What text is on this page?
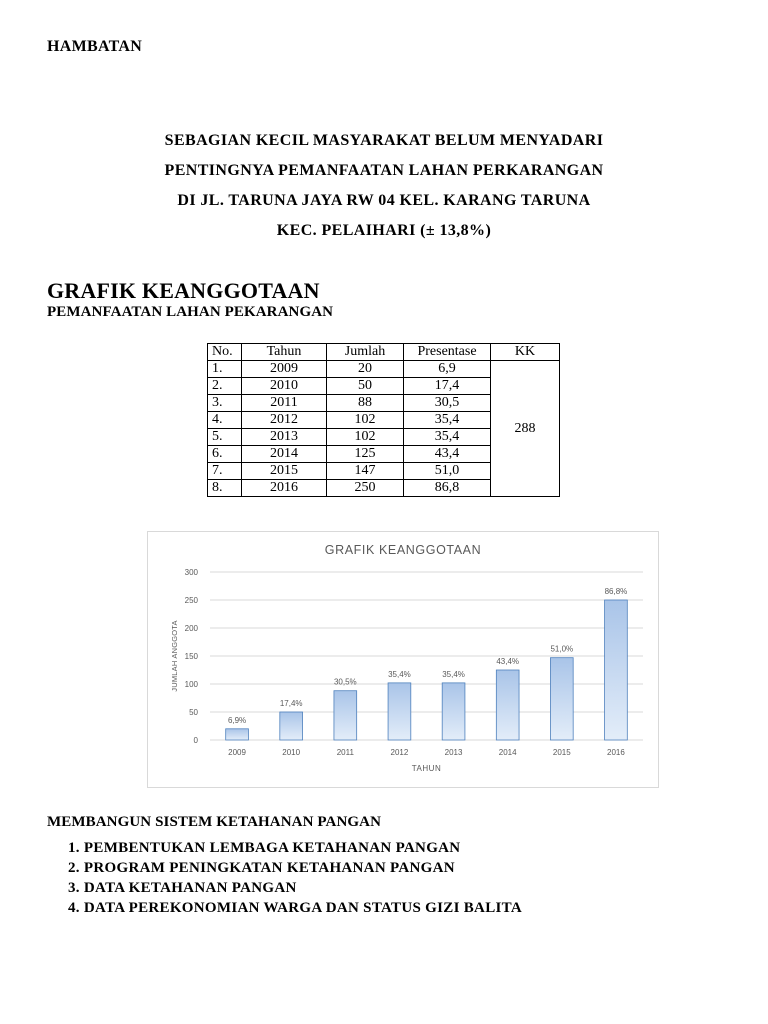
HAMBATAN
SEBAGIAN KECIL MASYARAKAT BELUM MENYADARI
PENTINGNYA PEMANFAATAN LAHAN PERKARANGAN
DI JL. TARUNA JAYA RW 04 KEL. KARANG TARUNA
KEC. PELAIHARI (± 13,8%)
GRAFIK KEANGGOTAAN
PEMANFAATAN LAHAN PEKARANGAN
No.	Tahun	Jumlah	Presentase	KK
1.	2009	20	6,9	288
2.	2010	50	17,4	
3.	2011	88	30,5	
4.	2012	102	35,4	
5.	2013	102	35,4	
6.	2014	125	43,4	
7.	2015	147	51,0	
8.	2016	250	86,8	
GRAFIK KEANGGOTAAN
JUMLAH ANGGOTA
TAHUN
0
50
100
150
200
250
300
6,9%
2009
17,4%
2010
30,5%
2011
35,4%
2012
35,4%
2013
43,4%
2014
51,0%
2015
86,8%
2016
MEMBANGUN SISTEM KETAHANAN PANGAN
1. PEMBENTUKAN LEMBAGA KETAHANAN PANGAN
2. PROGRAM PENINGKATAN KETAHANAN PANGAN
3. DATA KETAHANAN PANGAN
4. DATA PEREKONOMIAN WARGA DAN STATUS GIZI BALITA
